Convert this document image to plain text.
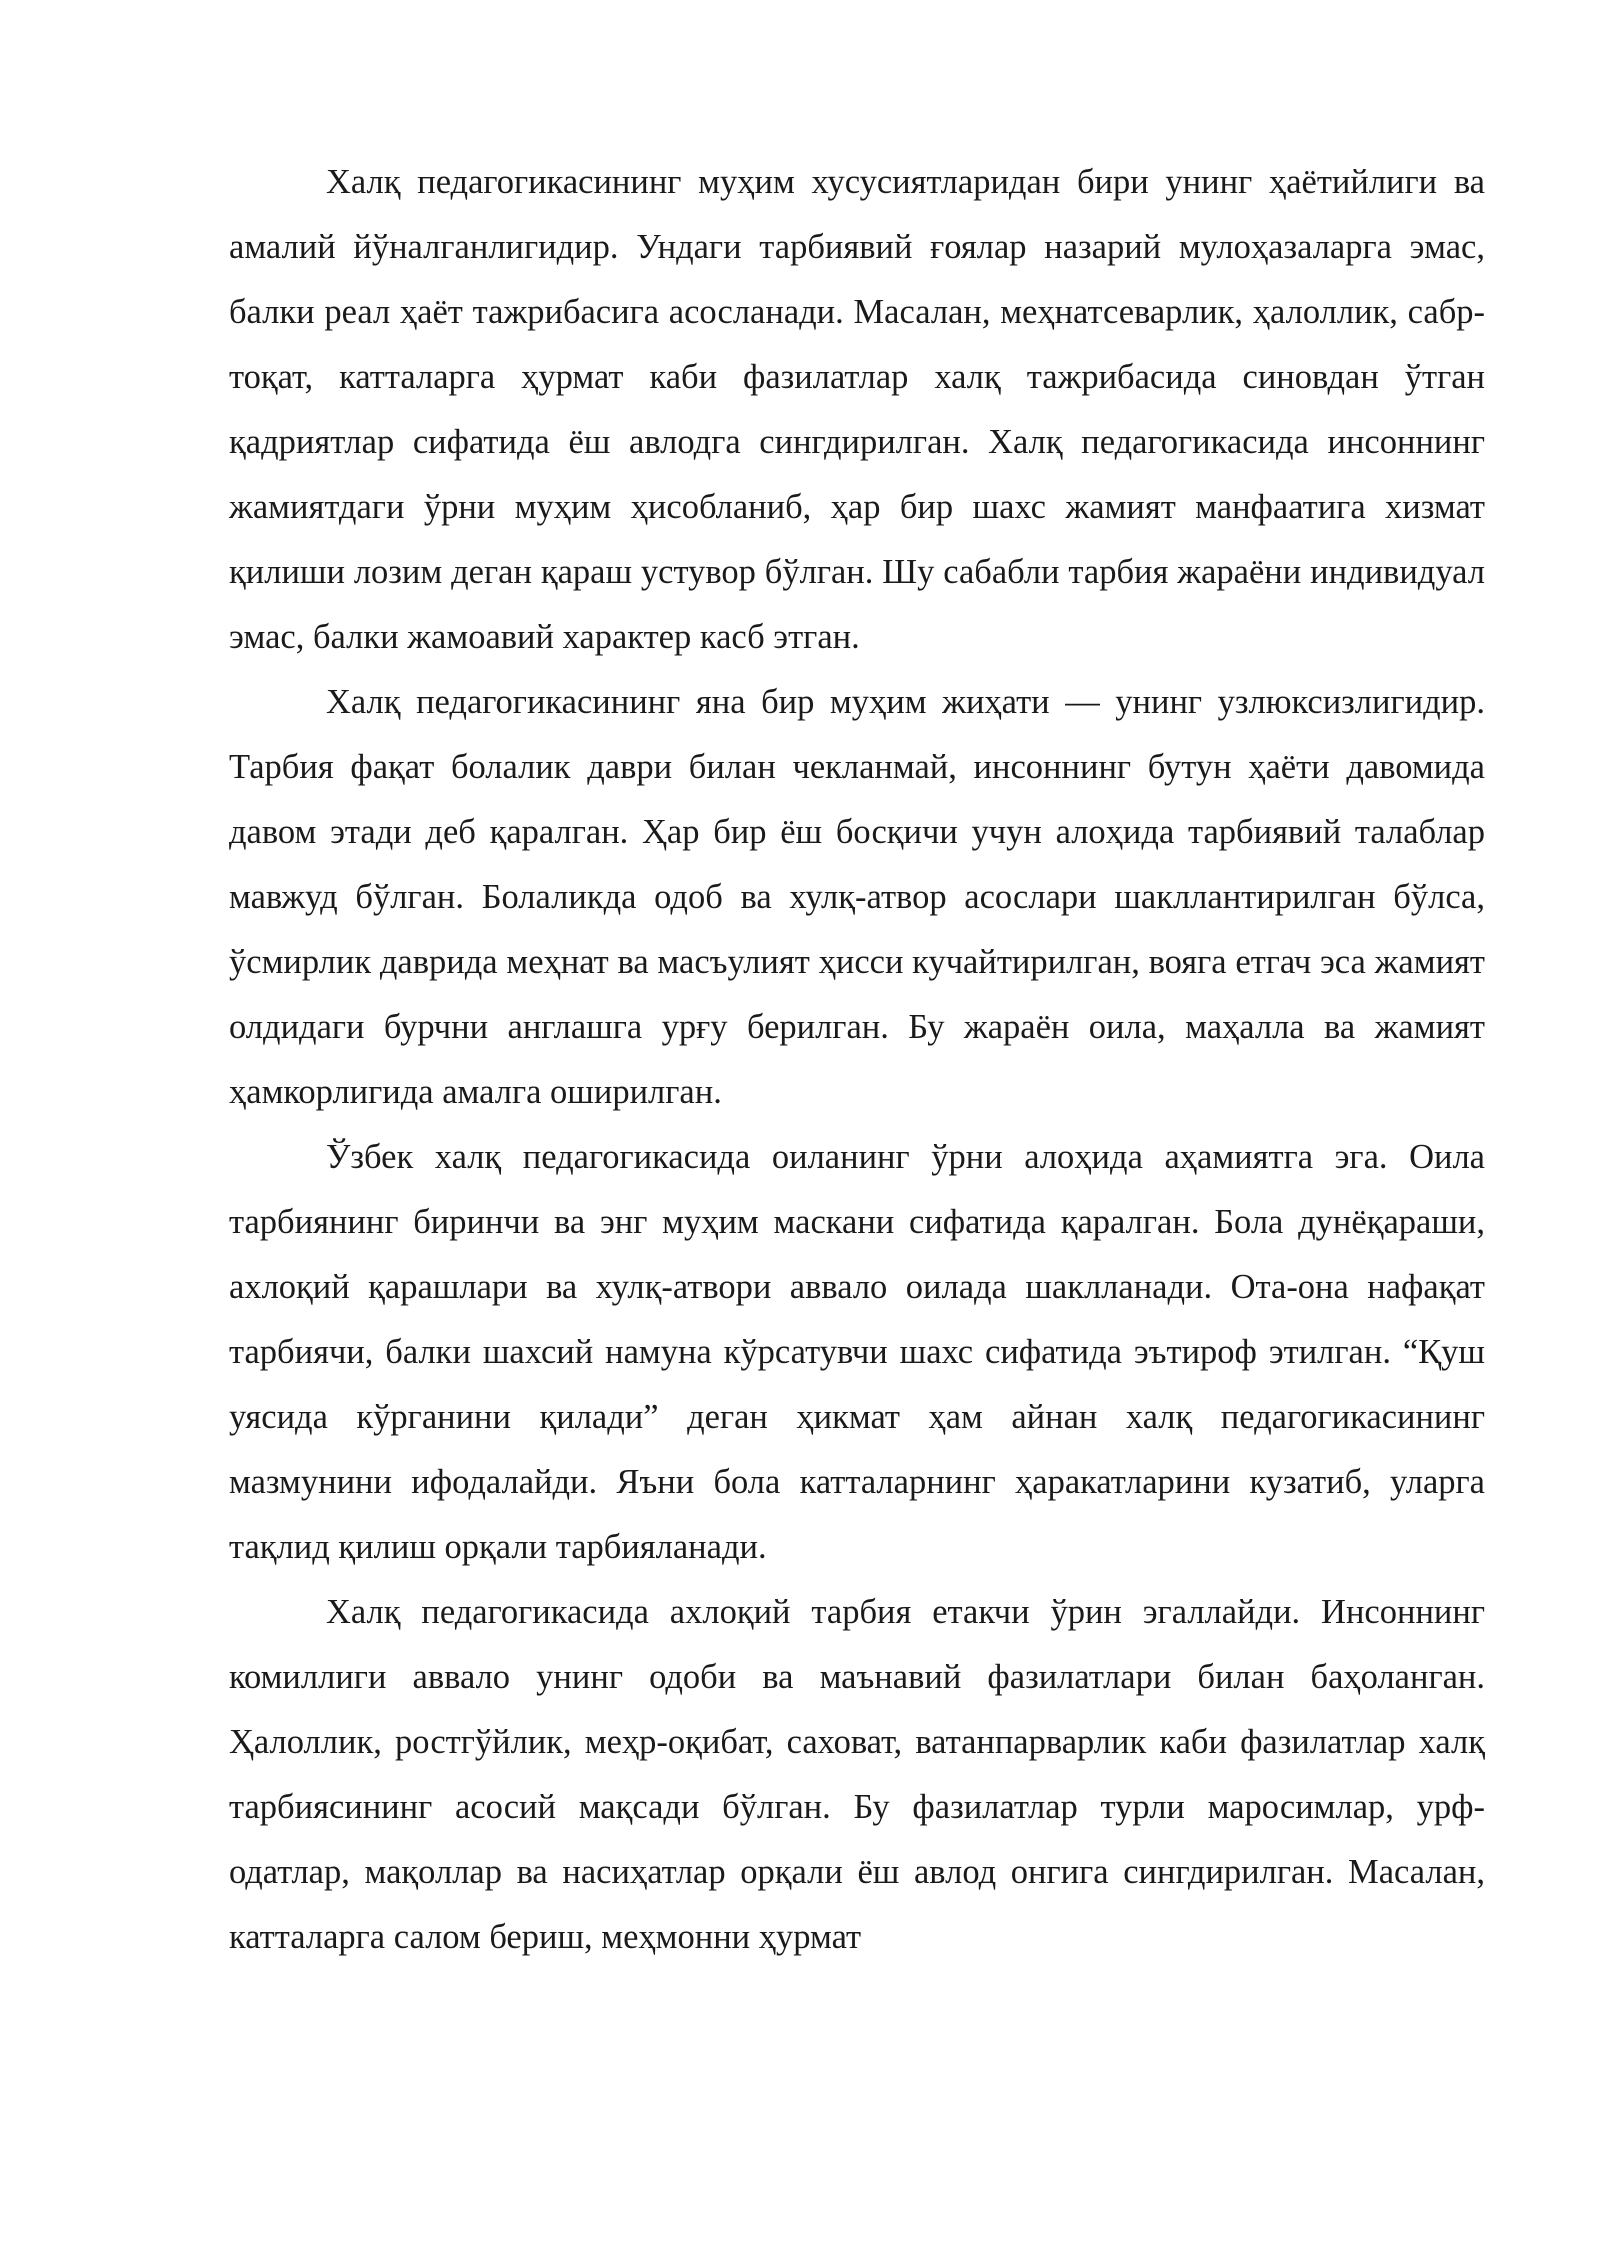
Халқ педагогикасининг муҳим хусусиятларидан бири унинг ҳаётийлиги ва амалий йўналганлигидир. Ундаги тарбиявий ғоялар назарий мулоҳазаларга эмас, балки реал ҳаёт тажрибасига асосланади. Масалан, меҳнатсеварлик, ҳалоллик, сабр-тоқат, катталарга ҳурмат каби фазилатлар халқ тажрибасида синовдан ўтган қадриятлар сифатида ёш авлодга сингдирилган. Халқ педагогикасида инсоннинг жамиятдаги ўрни муҳим ҳисобланиб, ҳар бир шахс жамият манфаатига хизмат қилиши лозим деган қараш устувор бўлган. Шу сабабли тарбия жараёни индивидуал эмас, балки жамоавий характер касб этган.

Халқ педагогикасининг яна бир муҳим жиҳати — унинг узлюксизлигидир. Тарбия фақат болалик даври билан чекланмай, инсоннинг бутун ҳаёти давомида давом этади деб қаралган. Ҳар бир ёш босқичи учун алоҳида тарбиявий талаблар мавжуд бўлган. Болаликда одоб ва хулқ-атвор асослари шакллантирилган бўлса, ўсмирлик даврида меҳнат ва масъулият ҳисси кучайтирилган, вояга етгач эса жамият олдидаги бурчни англашга урғу берилган. Бу жараён оила, маҳалла ва жамият ҳамкорлигида амалга оширилган.

Ўзбек халқ педагогикасида оиланинг ўрни алоҳида аҳамиятга эга. Оила тарбиянинг биринчи ва энг муҳим маскани сифатида қаралган. Бола дунёқараши, ахлоқий қарашлари ва хулқ-атвори аввало оилада шаклланади. Ота-она нафақат тарбиячи, балки шахсий намуна кўрсатувчи шахс сифатида эътироф этилган. “Қуш уясида кўрганини қилади” деган ҳикмат ҳам айнан халқ педагогикасининг мазмунини ифодалайди. Яъни бола катталарнинг ҳаракатларини кузатиб, уларга тақлид қилиш орқали тарбияланади.

Халқ педагогикасида ахлоқий тарбия етакчи ўрин эгаллайди. Инсоннинг комиллиги аввало унинг одоби ва маънавий фазилатлари билан баҳоланган. Ҳалоллик, ростгўйлик, меҳр-оқибат, саховат, ватанпарварлик каби фазилатлар халқ тарбиясининг асосий мақсади бўлган. Бу фазилатлар турли маросимлар, урф-одатлар, мақоллар ва насиҳатлар орқали ёш авлод онгига сингдирилган. Масалан, катталарга салом бериш, меҳмонни ҳурмат
